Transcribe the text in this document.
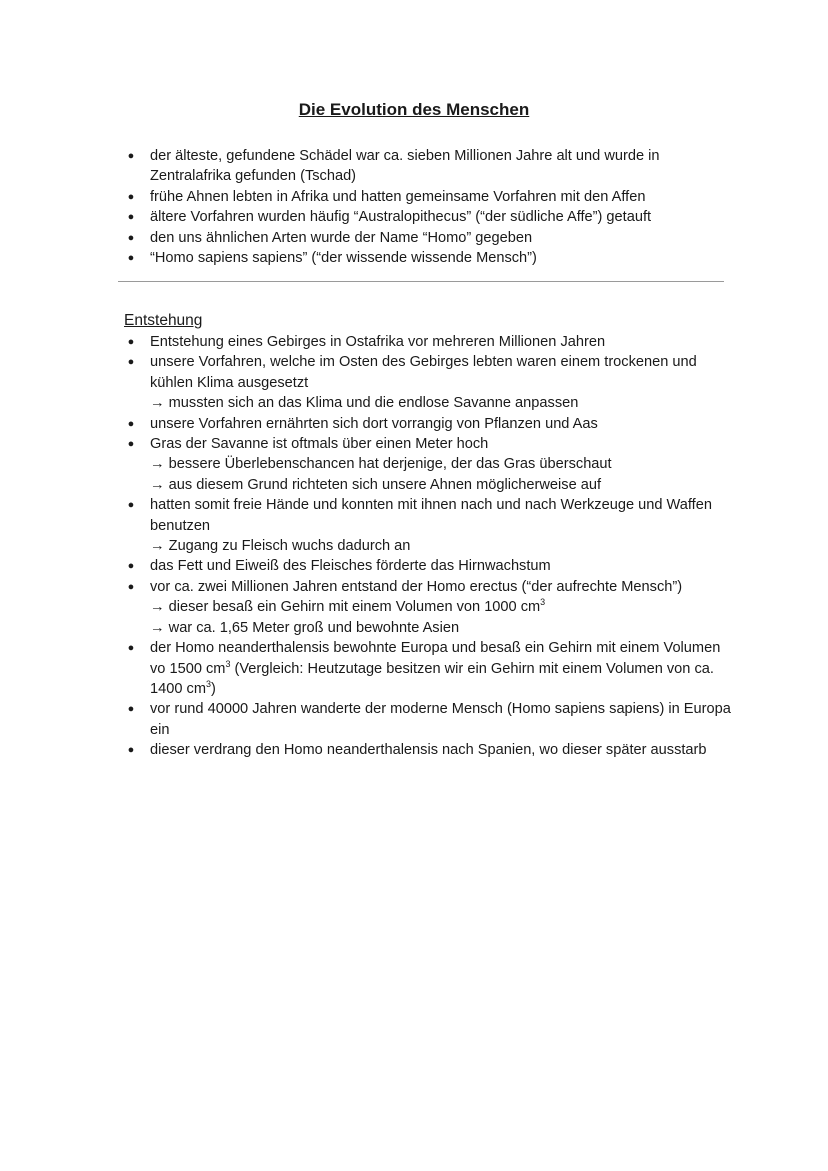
Die Evolution des Menschen
● der älteste, gefundene Schädel war ca. sieben Millionen Jahre alt und wurde in Zentralafrika gefunden (Tschad)
● frühe Ahnen lebten in Afrika und hatten gemeinsame Vorfahren mit den Affen
● ältere Vorfahren wurden häufig “Australopithecus” (“der südliche Affe”) getauft
● den uns ähnlichen Arten wurde der Name “Homo” gegeben
● “Homo sapiens sapiens” (“der wissende wissende Mensch”)
Entstehung
● Entstehung eines Gebirges in Ostafrika vor mehreren Millionen Jahren
● unsere Vorfahren, welche im Osten des Gebirges lebten waren einem trockenen und kühlen Klima ausgesetzt
→ mussten sich an das Klima und die endlose Savanne anpassen
● unsere Vorfahren ernährten sich dort vorrangig von Pflanzen und Aas
● Gras der Savanne ist oftmals über einen Meter hoch
→ bessere Überlebenschancen hat derjenige, der das Gras überschaut
→ aus diesem Grund richteten sich unsere Ahnen möglicherweise auf
● hatten somit freie Hände und konnten mit ihnen nach und nach Werkzeuge und Waffen benutzen
→ Zugang zu Fleisch wuchs dadurch an
● das Fett und Eiweiß des Fleisches förderte das Hirnwachstum
● vor ca. zwei Millionen Jahren entstand der Homo erectus (“der aufrechte Mensch”)
→ dieser besaß ein Gehirn mit einem Volumen von 1000 $cm^3$
→ war ca. 1,65 Meter groß und bewohnte Asien
● der Homo neanderthalensis bewohnte Europa und besaß ein Gehirn mit einem Volumen vo 1500 $cm^3$ (Vergleich: Heutzutage besitzen wir ein Gehirn mit einem Volumen von ca. 1400 $cm^3$)
● vor rund 40000 Jahren wanderte der moderne Mensch (Homo sapiens sapiens) in Europa ein
● dieser verdrang den Homo neanderthalensis nach Spanien, wo dieser später ausstarb
